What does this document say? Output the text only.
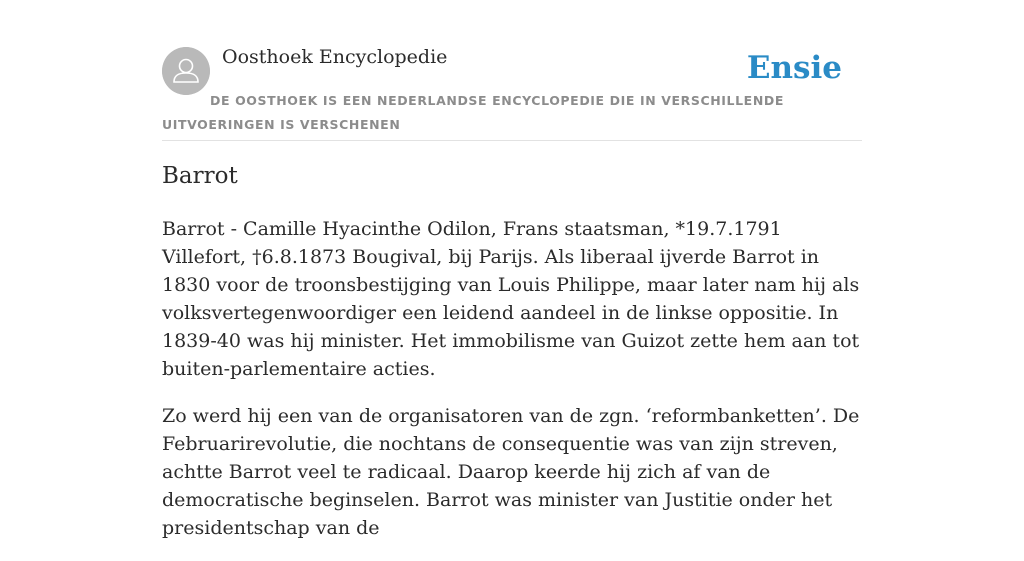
Oosthoek Encyclopedie	Ensie
DE OOSTHOEK IS EEN NEDERLANDSE ENCYCLOPEDIE DIE IN VERSCHILLENDE UITVOERINGEN IS VERSCHENEN
Barrot

Barrot - Camille Hyacinthe Odilon, Frans staatsman, *19.7.1791 Villefort, †6.8.1873 Bougival, bij Parijs. Als liberaal ijverde Barrot in 1830 voor de troonsbestijging van Louis Philippe, maar later nam hij als volksvertegenwoordiger een leidend aandeel in de linkse oppositie. In 1839-40 was hij minister. Het immobilisme van Guizot zette hem aan tot buiten-parlementaire acties.

Zo werd hij een van de organisatoren van de zgn. ‘reformbanketten’. De Februarirevolutie, die nochtans de consequentie was van zijn streven, achtte Barrot veel te radicaal. Daarop keerde hij zich af van de democratische beginselen. Barrot was minister van Justitie onder het presidentschap van de
